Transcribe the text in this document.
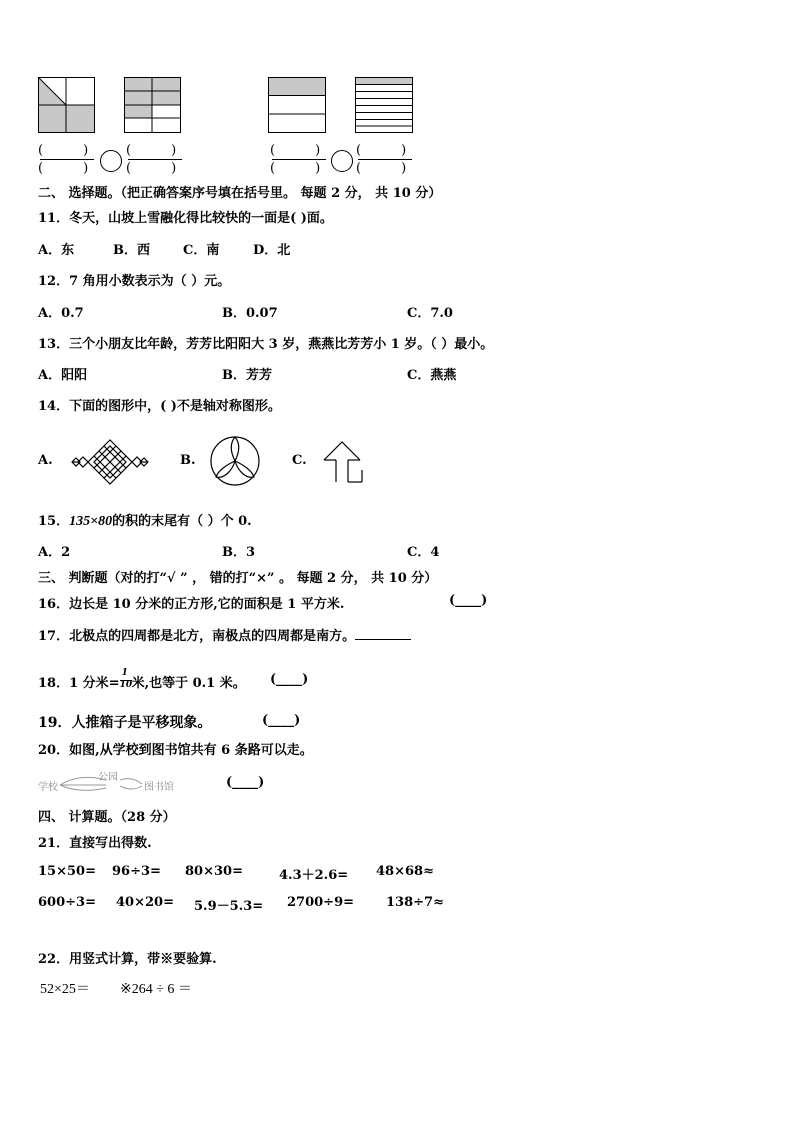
(	)
(	)
(	)
(	)
(	)
(	)
(	)
(	)
二、 选择题。（把正确答案序号填在括号里。 每题 2 分， 共 10 分）
11．冬天，山坡上雪融化得比较快的一面是( )面。
A．东	B．西	C．南	D．北
12．7 角用小数表示为（ ）元。
A．0.7	B．0.07	C．7.0
13．三个小朋友比年龄，芳芳比阳阳大 3 岁，燕燕比芳芳小 1 岁。（ ）最小。
A．阳阳	B．芳芳	C．燕燕
14．下面的图形中，( )不是轴对称图形。
A.	B.	C.
15．135×80的积的末尾有（ ）个 0.
A．2	B．3	C．4
三、 判断题（对的打“√ ” ， 错的打“×” 。 每题 2 分， 共 10 分）
16．边长是 10 分米的正方形,它的面积是 1 平方米.	(____)
17．北极点的四周都是北方，南极点的四周都是南方。
18．1 分米= $\frac{1}{10}$ 米,也等于 0.1 米。 (____)
19．人推箱子是平移现象。	(____)
20．如图,从学校到图书馆共有 6 条路可以走。
学校
公园
图书馆	(____)
四、 计算题。（28 分）
21．直接写出得数.
15×50= 96÷3= 80×30=	4.3＋2.6= 48×68≈
600÷3= 40×20= 5.9－5.3= 2700÷9= 138÷7≈
22．用竖式计算，带※要验算.
52×25＝ ※264 ÷ 6 ＝
